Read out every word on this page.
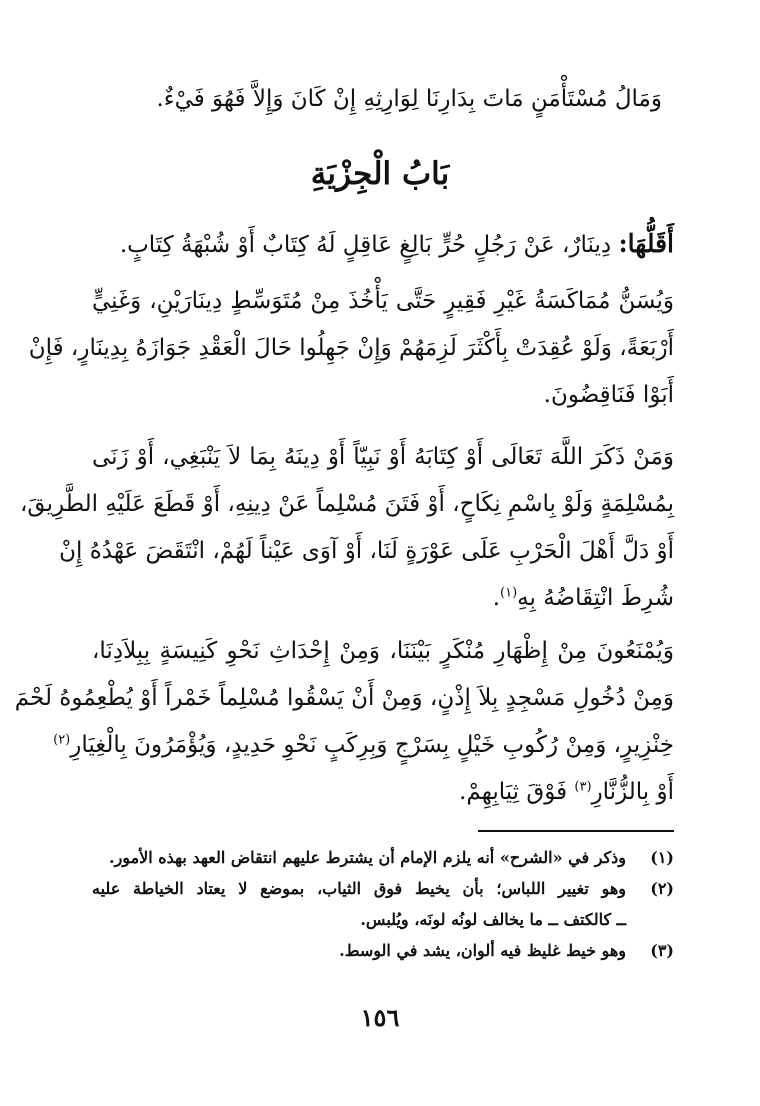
وَمَالُ مُسْتَأْمَنٍ مَاتَ بِدَارِنَا لِوَارِثِهِ إِنْ كَانَ وَإِلاَّ فَهُوَ فَيْءٌ.
بَابُ الْجِزْيَةِ
أَقَلُّهَا: دِينَارٌ، عَنْ رَجُلٍ حُرٍّ بَالِغٍ عَاقِلٍ لَهُ كِتَابٌ أَوْ شُبْهَةُ كِتَابٍ.
وَيُسَنُّ مُمَاكَسَةُ غَيْرِ فَقِيرٍ حَتَّى يَأْخُذَ مِنْ مُتَوَسِّطٍ دِينَارَيْنِ، وَغَنِيٍّ
أَرْبَعَةً، وَلَوْ عُقِدَتْ بِأَكْثَرَ لَزِمَهُمْ وَإِنْ جَهِلُوا حَالَ الْعَقْدِ جَوَازَهُ بِدِينَارٍ، فَإِنْ
أَبَوْا فَنَاقِضُونَ.
وَمَنْ ذَكَرَ اللَّهَ تَعَالَى أَوْ كِتَابَهُ أَوْ نَبِيّاً أَوْ دِينَهُ بِمَا لاَ يَنْبَغِي، أَوْ زَنَى
بِمُسْلِمَةٍ وَلَوْ بِاسْمِ نِكَاحٍ، أَوْ فَتَنَ مُسْلِماً عَنْ دِينِهِ، أَوْ قَطَعَ عَلَيْهِ الطَّرِيقَ،
أَوْ دَلَّ أَهْلَ الْحَرْبِ عَلَى عَوْرَةٍ لَنَا، أَوْ آوَى عَيْناً لَهُمْ، انْتَقَضَ عَهْدُهُ إِنْ
شُرِطَ انْتِقَاضُهُ بِهِ$^{(١)}$.
وَيُمْنَعُونَ مِنْ إِظْهَارِ مُنْكَرٍ بَيْنَنَا، وَمِنْ إِحْدَاثِ نَحْوِ كَنِيسَةٍ بِبِلاَدِنَا،
وَمِنْ دُخُولِ مَسْجِدٍ بِلاَ إِذْنٍ، وَمِنْ أَنْ يَسْقُوا مُسْلِماً خَمْراً أَوْ يُطْعِمُوهُ لَحْمَ
خِنْزِيرٍ، وَمِنْ رُكُوبِ خَيْلٍ بِسَرْجٍ وَبِرِكَبٍ نَحْوِ حَدِيدٍ، وَيُؤْمَرُونَ بِالْغِيَارِ$^{(٢)}$
أَوْ بِالزُّنَّارِ$^{(٣)}$ فَوْقَ ثِيَابِهِمْ.
(١)وذكر في «الشرح» أنه يلزم الإمام أن يشترط عليهم انتقاض العهد بهذه الأمور.
(٢)وهو تغيير اللباس؛ بأن يخيط فوق الثياب، بموضع لا يعتاد الخياطة عليه
ــ كالكتف ــ ما يخالف لونُه لونَه، ويُلبس.
(٣)وهو خيط غليظ فيه ألوان، يشد في الوسط.
١٥٦
